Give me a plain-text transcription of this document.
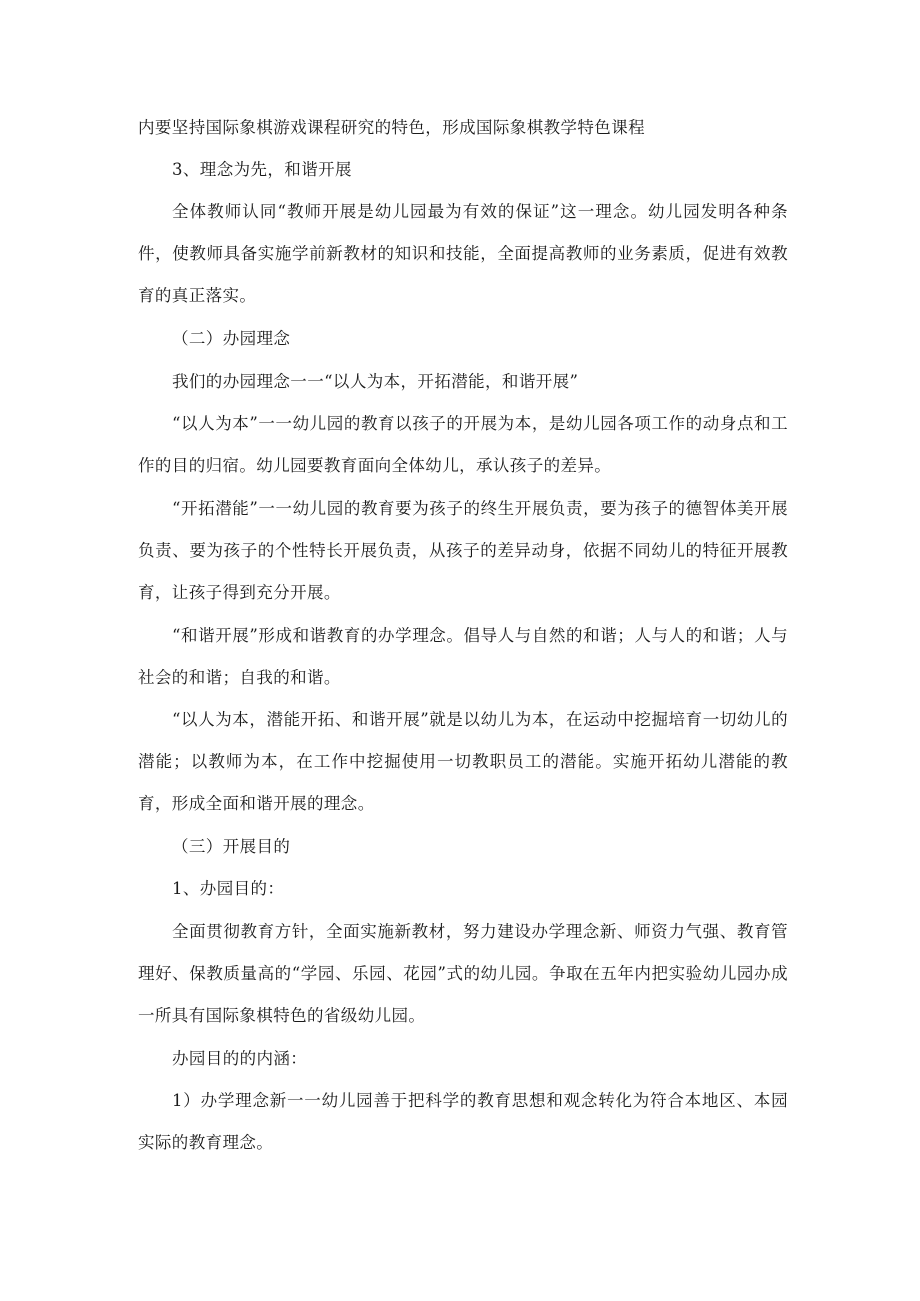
内要坚持国际象棋游戏课程研究的特色，形成国际象棋教学特色课程

3、理念为先，和谐开展

全体教师认同“教师开展是幼儿园最为有效的保证”这一理念。幼儿园发明各种条件，使教师具备实施学前新教材的知识和技能，全面提高教师的业务素质，促进有效教育的真正落实。

（二）办园理念

我们的办园理念一一“以人为本，开拓潜能，和谐开展”

“以人为本”一一幼儿园的教育以孩子的开展为本，是幼儿园各项工作的动身点和工作的目的归宿。幼儿园要教育面向全体幼儿，承认孩子的差异。

“开拓潜能”一一幼儿园的教育要为孩子的终生开展负责，要为孩子的德智体美开展负责、要为孩子的个性特长开展负责，从孩子的差异动身，依据不同幼儿的特征开展教育，让孩子得到充分开展。

“和谐开展”形成和谐教育的办学理念。倡导人与自然的和谐；人与人的和谐；人与社会的和谐；自我的和谐。

“以人为本，潜能开拓、和谐开展”就是以幼儿为本，在运动中挖掘培育一切幼儿的潜能；以教师为本，在工作中挖掘使用一切教职员工的潜能。实施开拓幼儿潜能的教育，形成全面和谐开展的理念。

（三）开展目的

1、办园目的：

全面贯彻教育方针，全面实施新教材，努力建设办学理念新、师资力气强、教育管理好、保教质量高的“学园、乐园、花园”式的幼儿园。争取在五年内把实验幼儿园办成一所具有国际象棋特色的省级幼儿园。

办园目的的内涵：

1）办学理念新一一幼儿园善于把科学的教育思想和观念转化为符合本地区、本园实际的教育理念。
